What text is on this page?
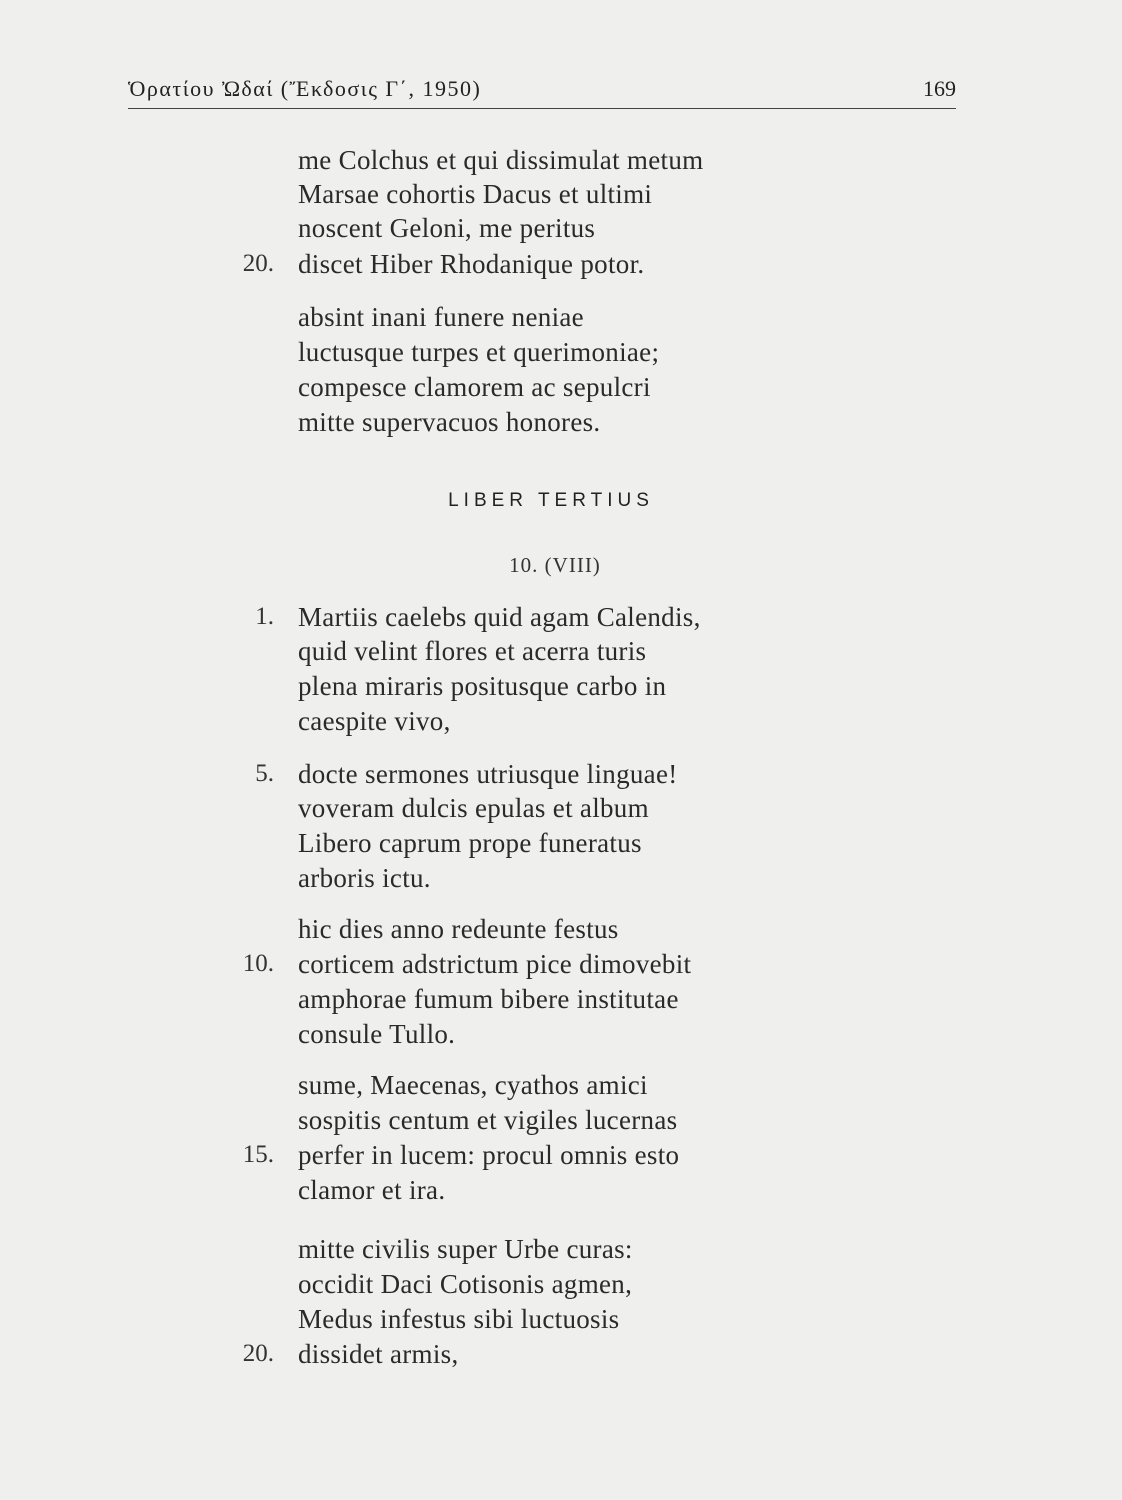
Ὁρατίου Ὠδαί (Ἔκδοσις Γ΄, 1950)	169
me Colchus et qui dissimulat metum
Marsae cohortis Dacus et ultimi
noscent Geloni, me peritus
20. discet Hiber Rhodanique potor.
absint inani funere neniae
luctusque turpes et querimoniae;
compesce clamorem ac sepulcri
mitte supervacuos honores.
LIBER TERTIUS
10. (VIII)
1. Martiis caelebs quid agam Calendis,
quid velint flores et acerra turis
plena miraris positusque carbo in
caespite vivo,
5. docte sermones utriusque linguae!
voveram dulcis epulas et album
Libero caprum prope funeratus
arboris ictu.
hic dies anno redeunte festus
10. corticem adstrictum pice dimovebit
amphorae fumum bibere institutae
consule Tullo.
sume, Maecenas, cyathos amici
sospitis centum et vigiles lucernas
15. perfer in lucem: procul omnis esto
clamor et ira.
mitte civilis super Urbe curas:
occidit Daci Cotisonis agmen,
Medus infestus sibi luctuosis
20. dissidet armis,
